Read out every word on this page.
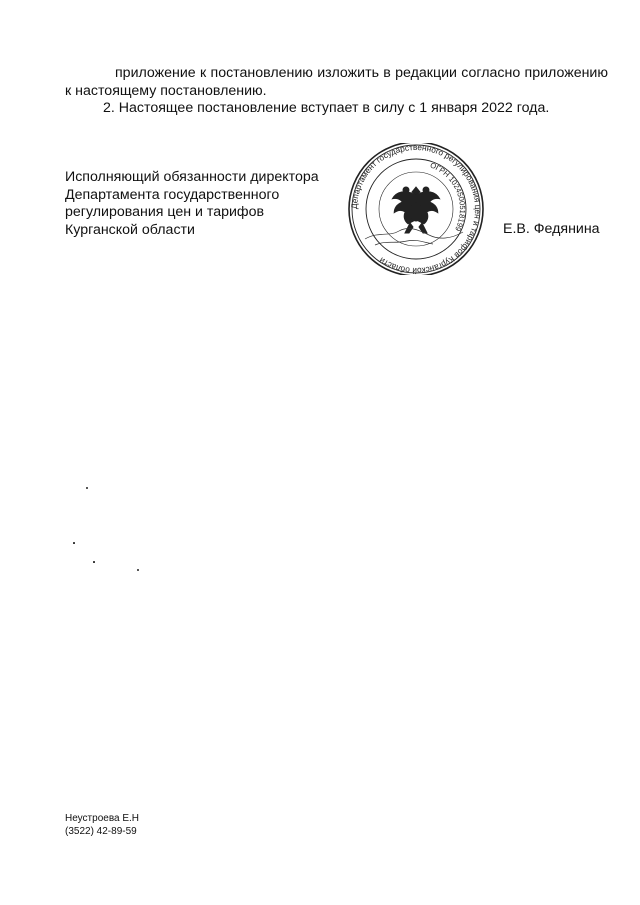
приложение к постановлению изложить в редакции согласно приложению к настоящему постановлению.
2. Настоящее постановление вступает в силу с 1 января 2022 года.
Исполняющий обязанности директора
Департамента государственного
регулирования цен и тарифов
Курганской области
Департамент государственного регулирования цен и тарифов Курганской области
ОГРН 1024500518199	Е.В. Федянина
Неустроева Е.Н
(3522) 42-89-59
